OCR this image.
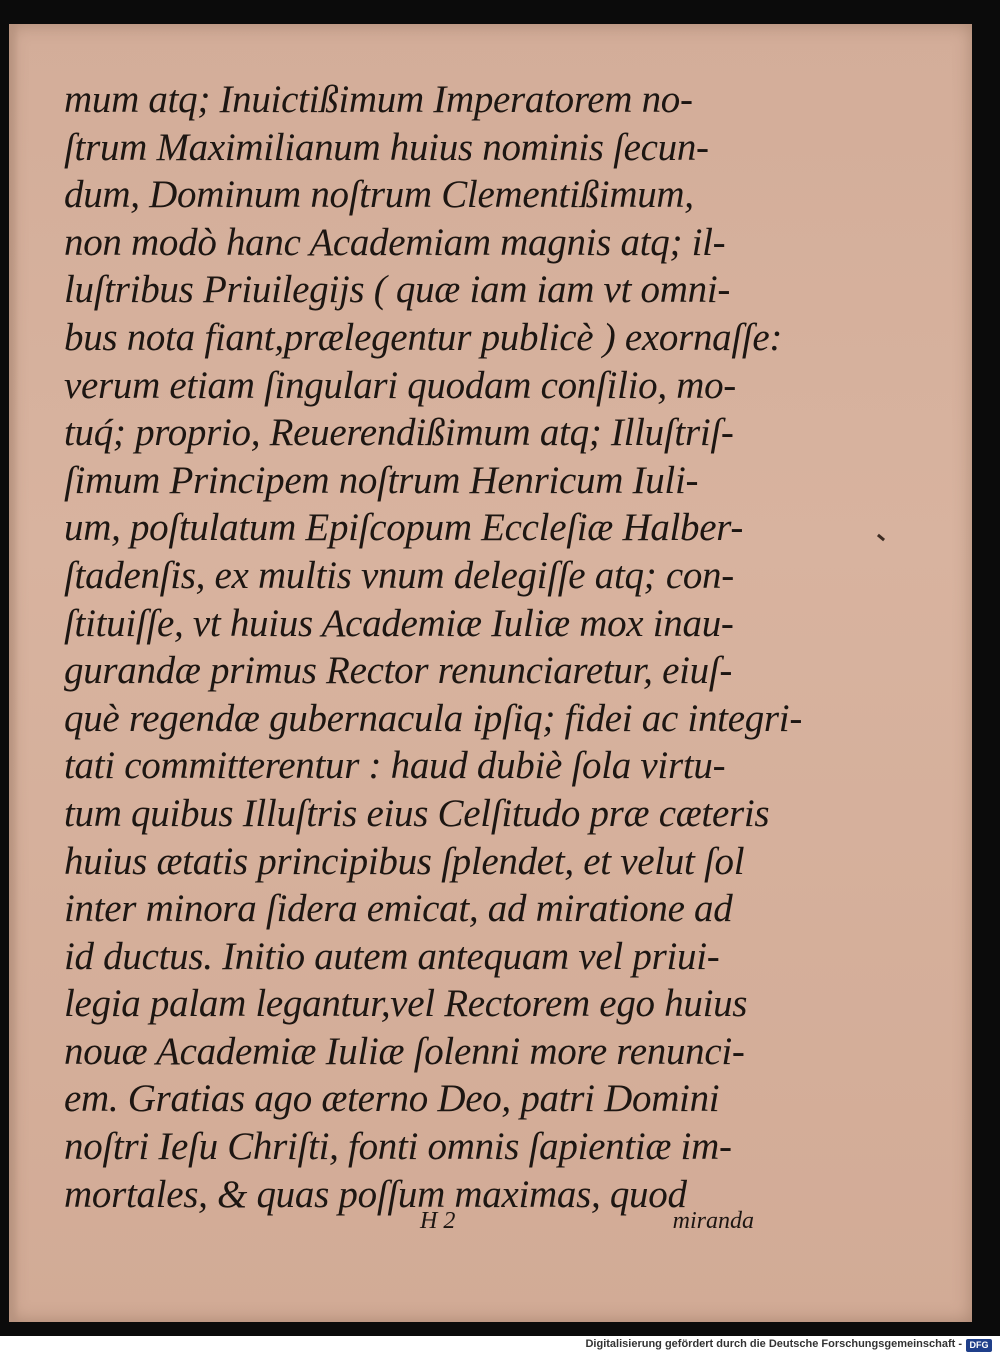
mum atq; Inuictißimum Imperatorem no-
ſtrum Maximilianum huius nominis ſecun-
dum, Dominum noſtrum Clementißimum,
non modò hanc Academiam magnis atq; il-
luſtribus Priuilegijs ( quæ iam iam vt omni-
bus nota fiant,prælegentur publicè ) exornaſſe:
verum etiam ſingulari quodam conſilio, mo-
tuq́; proprio, Reuerendißimum atq; Illuſtriſ-
ſimum Principem noſtrum Henricum Iuli-
um, poſtulatum Epiſcopum Eccleſiæ Halber-
ſtadenſis, ex multis vnum delegiſſe atq; con-
ſtituiſſe, vt huius Academiæ Iuliæ mox inau-
gurandæ primus Rector renunciaretur, eiuſ-
què regendæ gubernacula ipſiq; fidei ac integri-
tati committerentur : haud dubiè ſola virtu-
tum quibus Illuſtris eius Celſitudo præ cæteris
huius ætatis principibus ſplendet, et velut ſol
inter minora ſidera emicat, ad miratione ad
id ductus. Initio autem antequam vel priui-
legia palam legantur,vel Rectorem ego huius
nouæ Academiæ Iuliæ ſolenni more renunci-
em. Gratias ago æterno Deo, patri Domini
noſtri Ieſu Chriſti, fonti omnis ſapientiæ im-
mortales, & quas poſſum maximas, quod
H 2	miranda
Digitalisierung gefördert durch die Deutsche Forschungsgemeinschaft - DFG
